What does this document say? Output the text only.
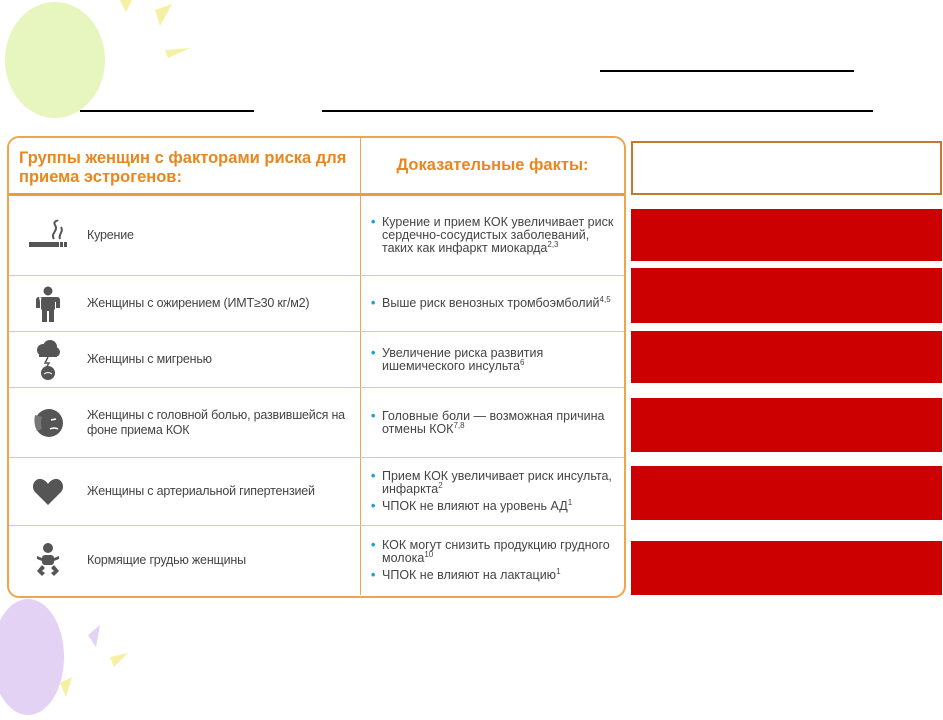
Группы женщин с факторами риска для приема эстрогенов:
Доказательные факты:
Курение
• Курение и прием КОК увеличивает риск сердечно-сосудистых заболеваний, таких как инфаркт миокарда$^{2,3}$
Женщины с ожирением (ИМТ≥30 кг/м2)	• Выше риск венозных тромбоэмболий$^{4,5}$
Женщины с мигренью	• Увеличение риска развития ишемического инсульта$^6$
Женщины с головной болью, развившейся на фоне приема КОК
• Головные боли — возможная причина отмены КОК$^{7,8}$
Женщины с артериальной гипертензией
• Прием КОК увеличивает риск инсульта, инфаркта$^2$
• ЧПОК не влияют на уровень $АД^1$
Кормящие грудью женщины
• КОК могут снизить продукцию грудного молока$^{10}$
• ЧПОК не влияют на лактацию$^1$
